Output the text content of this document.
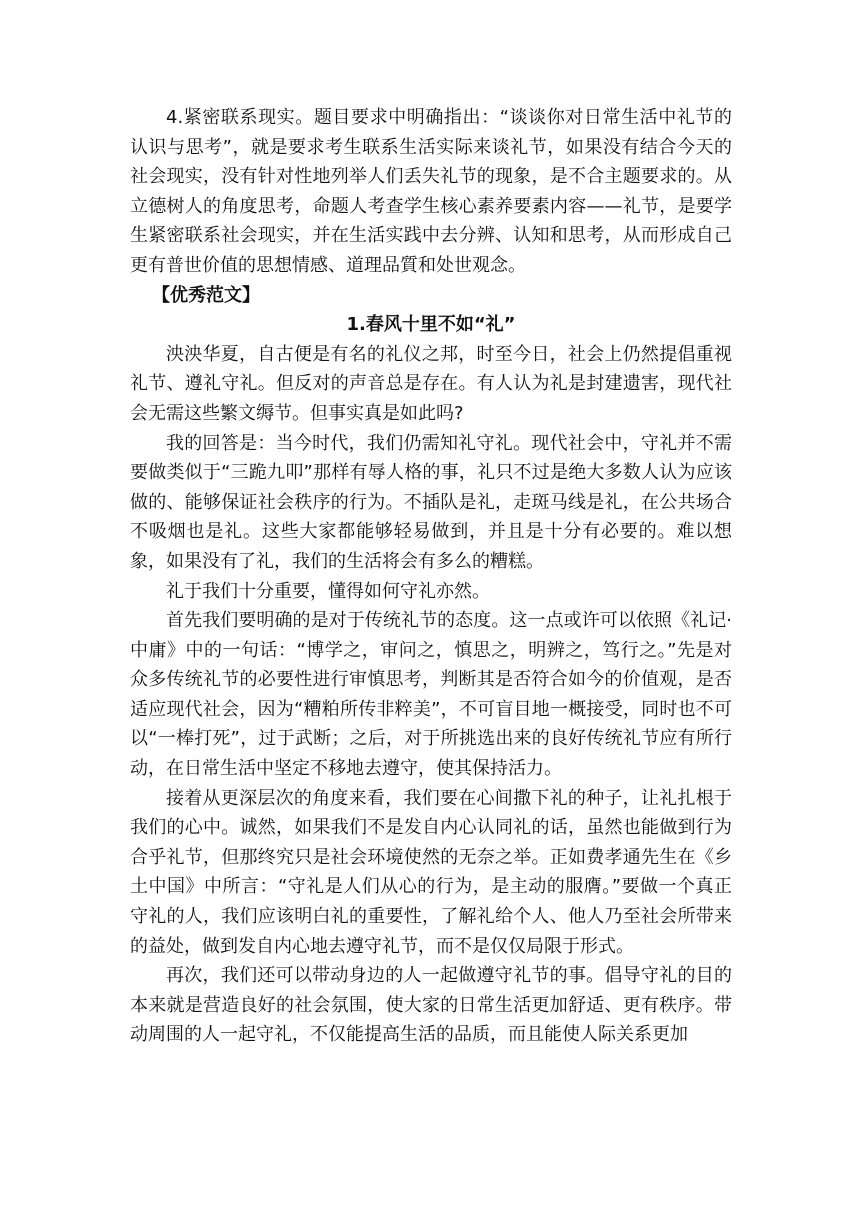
4.紧密联系现实。题目要求中明确指出：“谈谈你对日常生活中礼节的认识与思考”，就是要求考生联系生活实际来谈礼节，如果没有结合今天的社会现实，没有针对性地列举人们丢失礼节的现象，是不合主题要求的。从立德树人的角度思考，命题人考查学生核心素养要素内容——礼节，是要学生紧密联系社会现实，并在生活实践中去分辨、认知和思考，从而形成自己更有普世价值的思想情感、道理品質和处世观念。

【优秀范文】

1.春风十里不如“礼”

泱泱华夏，自古便是有名的礼仪之邦，时至今日，社会上仍然提倡重视礼节、遵礼守礼。但反对的声音总是存在。有人认为礼是封建遗害，现代社会无需这些繁文缛节。但事实真是如此吗?

我的回答是：当今时代，我们仍需知礼守礼。现代社会中，守礼并不需要做类似于“三跪九叩”那样有辱人格的事，礼只不过是绝大多数人认为应该做的、能够保证社会秩序的行为。不插队是礼，走斑马线是礼，在公共场合不吸烟也是礼。这些大家都能够轻易做到，并且是十分有必要的。难以想象，如果没有了礼，我们的生活将会有多么的糟糕。

礼于我们十分重要，懂得如何守礼亦然。

首先我们要明确的是对于传统礼节的态度。这一点或许可以依照《礼记·中庸》中的一句话：“博学之，审问之，慎思之，明辨之，笃行之。”先是对众多传统礼节的必要性进行审慎思考，判断其是否符合如今的价值观，是否适应现代社会，因为“糟粕所传非粹美”，不可盲目地一概接受，同时也不可以“一棒打死”，过于武断；之后，对于所挑选出来的良好传统礼节应有所行动，在日常生活中坚定不移地去遵守，使其保持活力。

接着从更深层次的角度来看，我们要在心间撒下礼的种子，让礼扎根于我们的心中。诚然，如果我们不是发自内心认同礼的话，虽然也能做到行为合乎礼节，但那终究只是社会环境使然的无奈之举。正如费孝通先生在《乡土中国》中所言：“守礼是人们从心的行为，是主动的服膺。”要做一个真正守礼的人，我们应该明白礼的重要性，了解礼给个人、他人乃至社会所带来的益处，做到发自内心地去遵守礼节，而不是仅仅局限于形式。

再次，我们还可以带动身边的人一起做遵守礼节的事。倡导守礼的目的本来就是营造良好的社会氛围，使大家的日常生活更加舒适、更有秩序。带动周围的人一起守礼，不仅能提高生活的品质，而且能使人际关系更加
